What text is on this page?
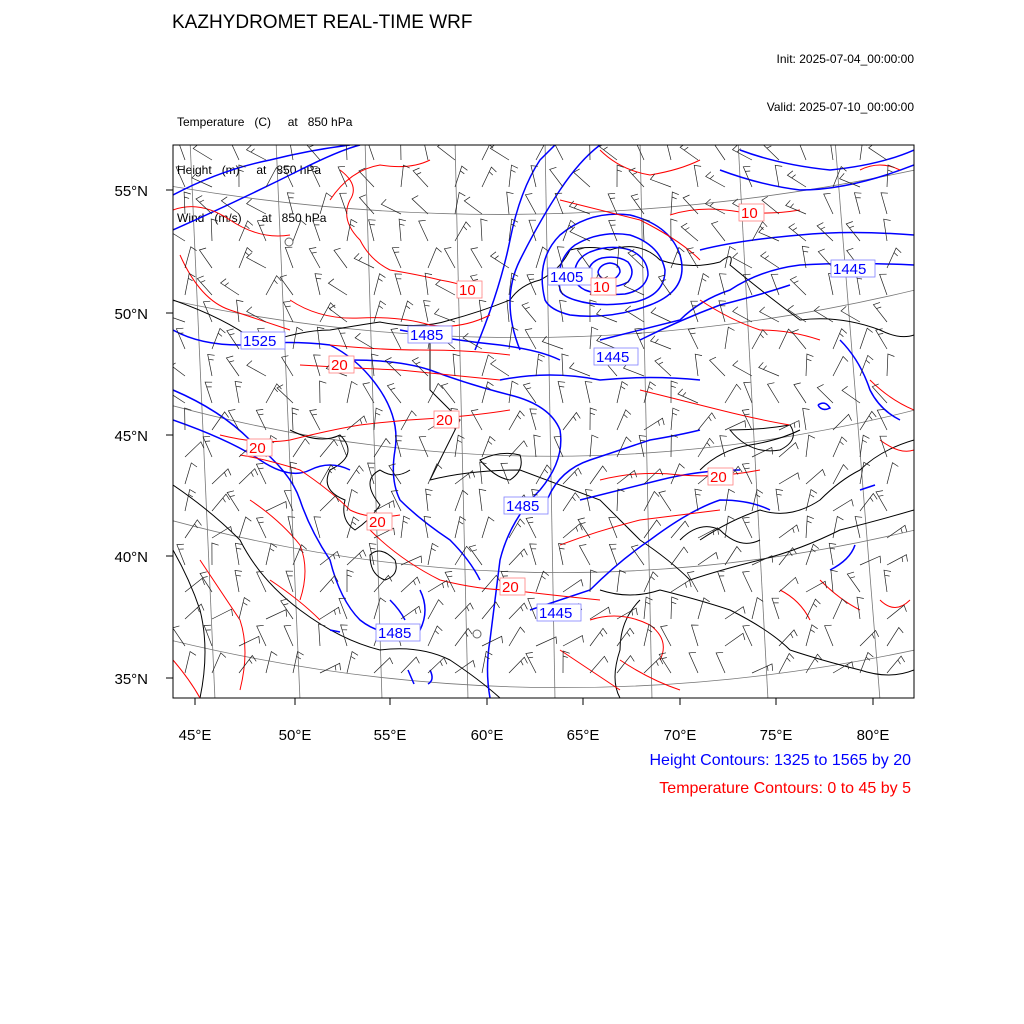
KAZHYDROMET REAL-TIME WRF

Init: 2025-07-04_00:00:00

Valid: 2025-07-10_00:00:00

Temperature   (C)     at   850 hPa

Height   (m)     at   850 hPa

Wind   (m/s)      at   850 hPa

1525	1485
1405
1445
1445
1485
1445
1485
10	10
10
20
20
20
20
20
20
55°N
50°N
45°N
40°N
35°N
45°E	50°E	55°E	60°E	65°E	70°E	75°E	80°E
Height Contours: 1325 to 1565 by 20
Temperature Contours: 0 to 45 by 5
